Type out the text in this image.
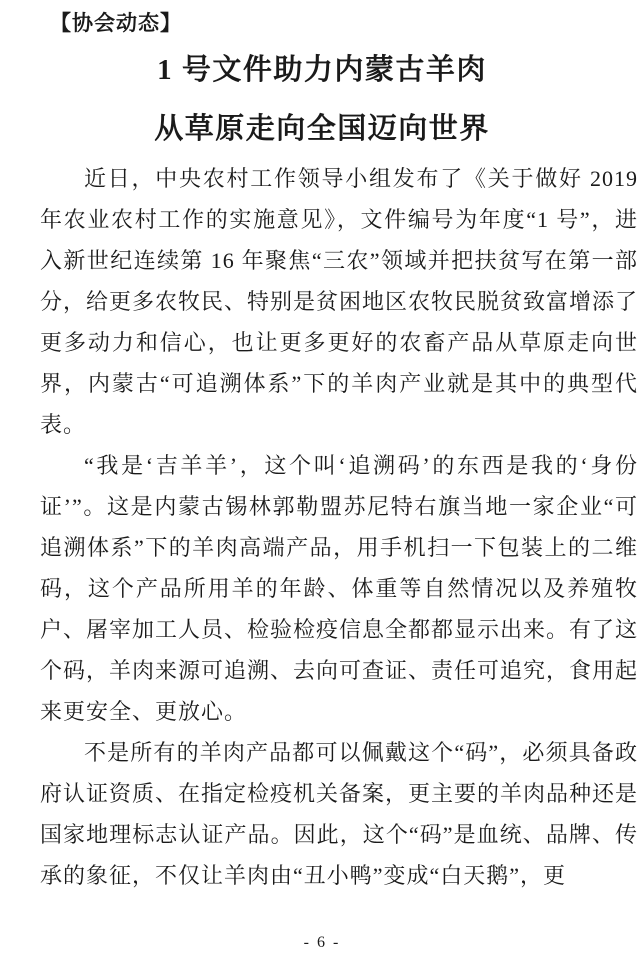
【协会动态】
1 号文件助力内蒙古羊肉
从草原走向全国迈向世界

近日，中央农村工作领导小组发布了《关于做好 2019 年农业农村工作的实施意见》，文件编号为年度“1 号”，进入新世纪连续第 16 年聚焦“三农”领域并把扶贫写在第一部分，给更多农牧民、特别是贫困地区农牧民脱贫致富增添了更多动力和信心，也让更多更好的农畜产品从草原走向世界，内蒙古“可追溯体系”下的羊肉产业就是其中的典型代表。

“我是‘吉羊羊’，这个叫‘追溯码’的东西是我的‘身份证’”。这是内蒙古锡林郭勒盟苏尼特右旗当地一家企业“可追溯体系”下的羊肉高端产品，用手机扫一下包装上的二维码，这个产品所用羊的年龄、体重等自然情况以及养殖牧户、屠宰加工人员、检验检疫信息全都都显示出来。有了这个码，羊肉来源可追溯、去向可查证、责任可追究，食用起来更安全、更放心。

不是所有的羊肉产品都可以佩戴这个“码”，必须具备政府认证资质、在指定检疫机关备案，更主要的羊肉品种还是国家地理标志认证产品。因此，这个“码”是血统、品牌、传承的象征，不仅让羊肉由“丑小鸭”变成“白天鹅”，更

- 6 -
